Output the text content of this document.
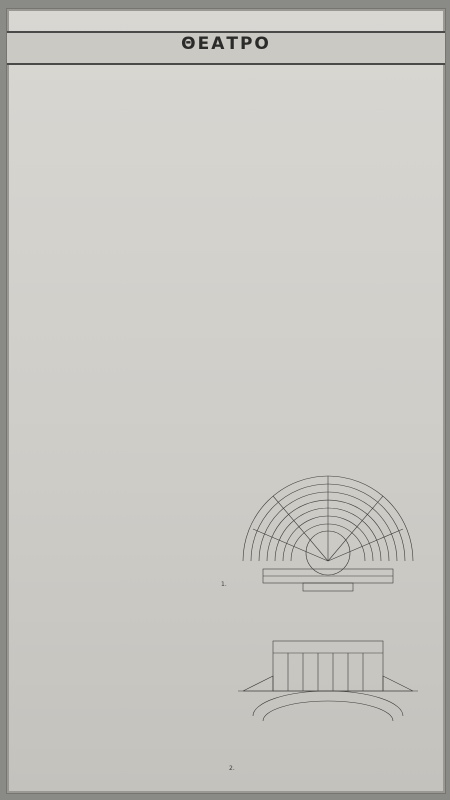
ΘΕΑΤΡΟ

1.
2.
